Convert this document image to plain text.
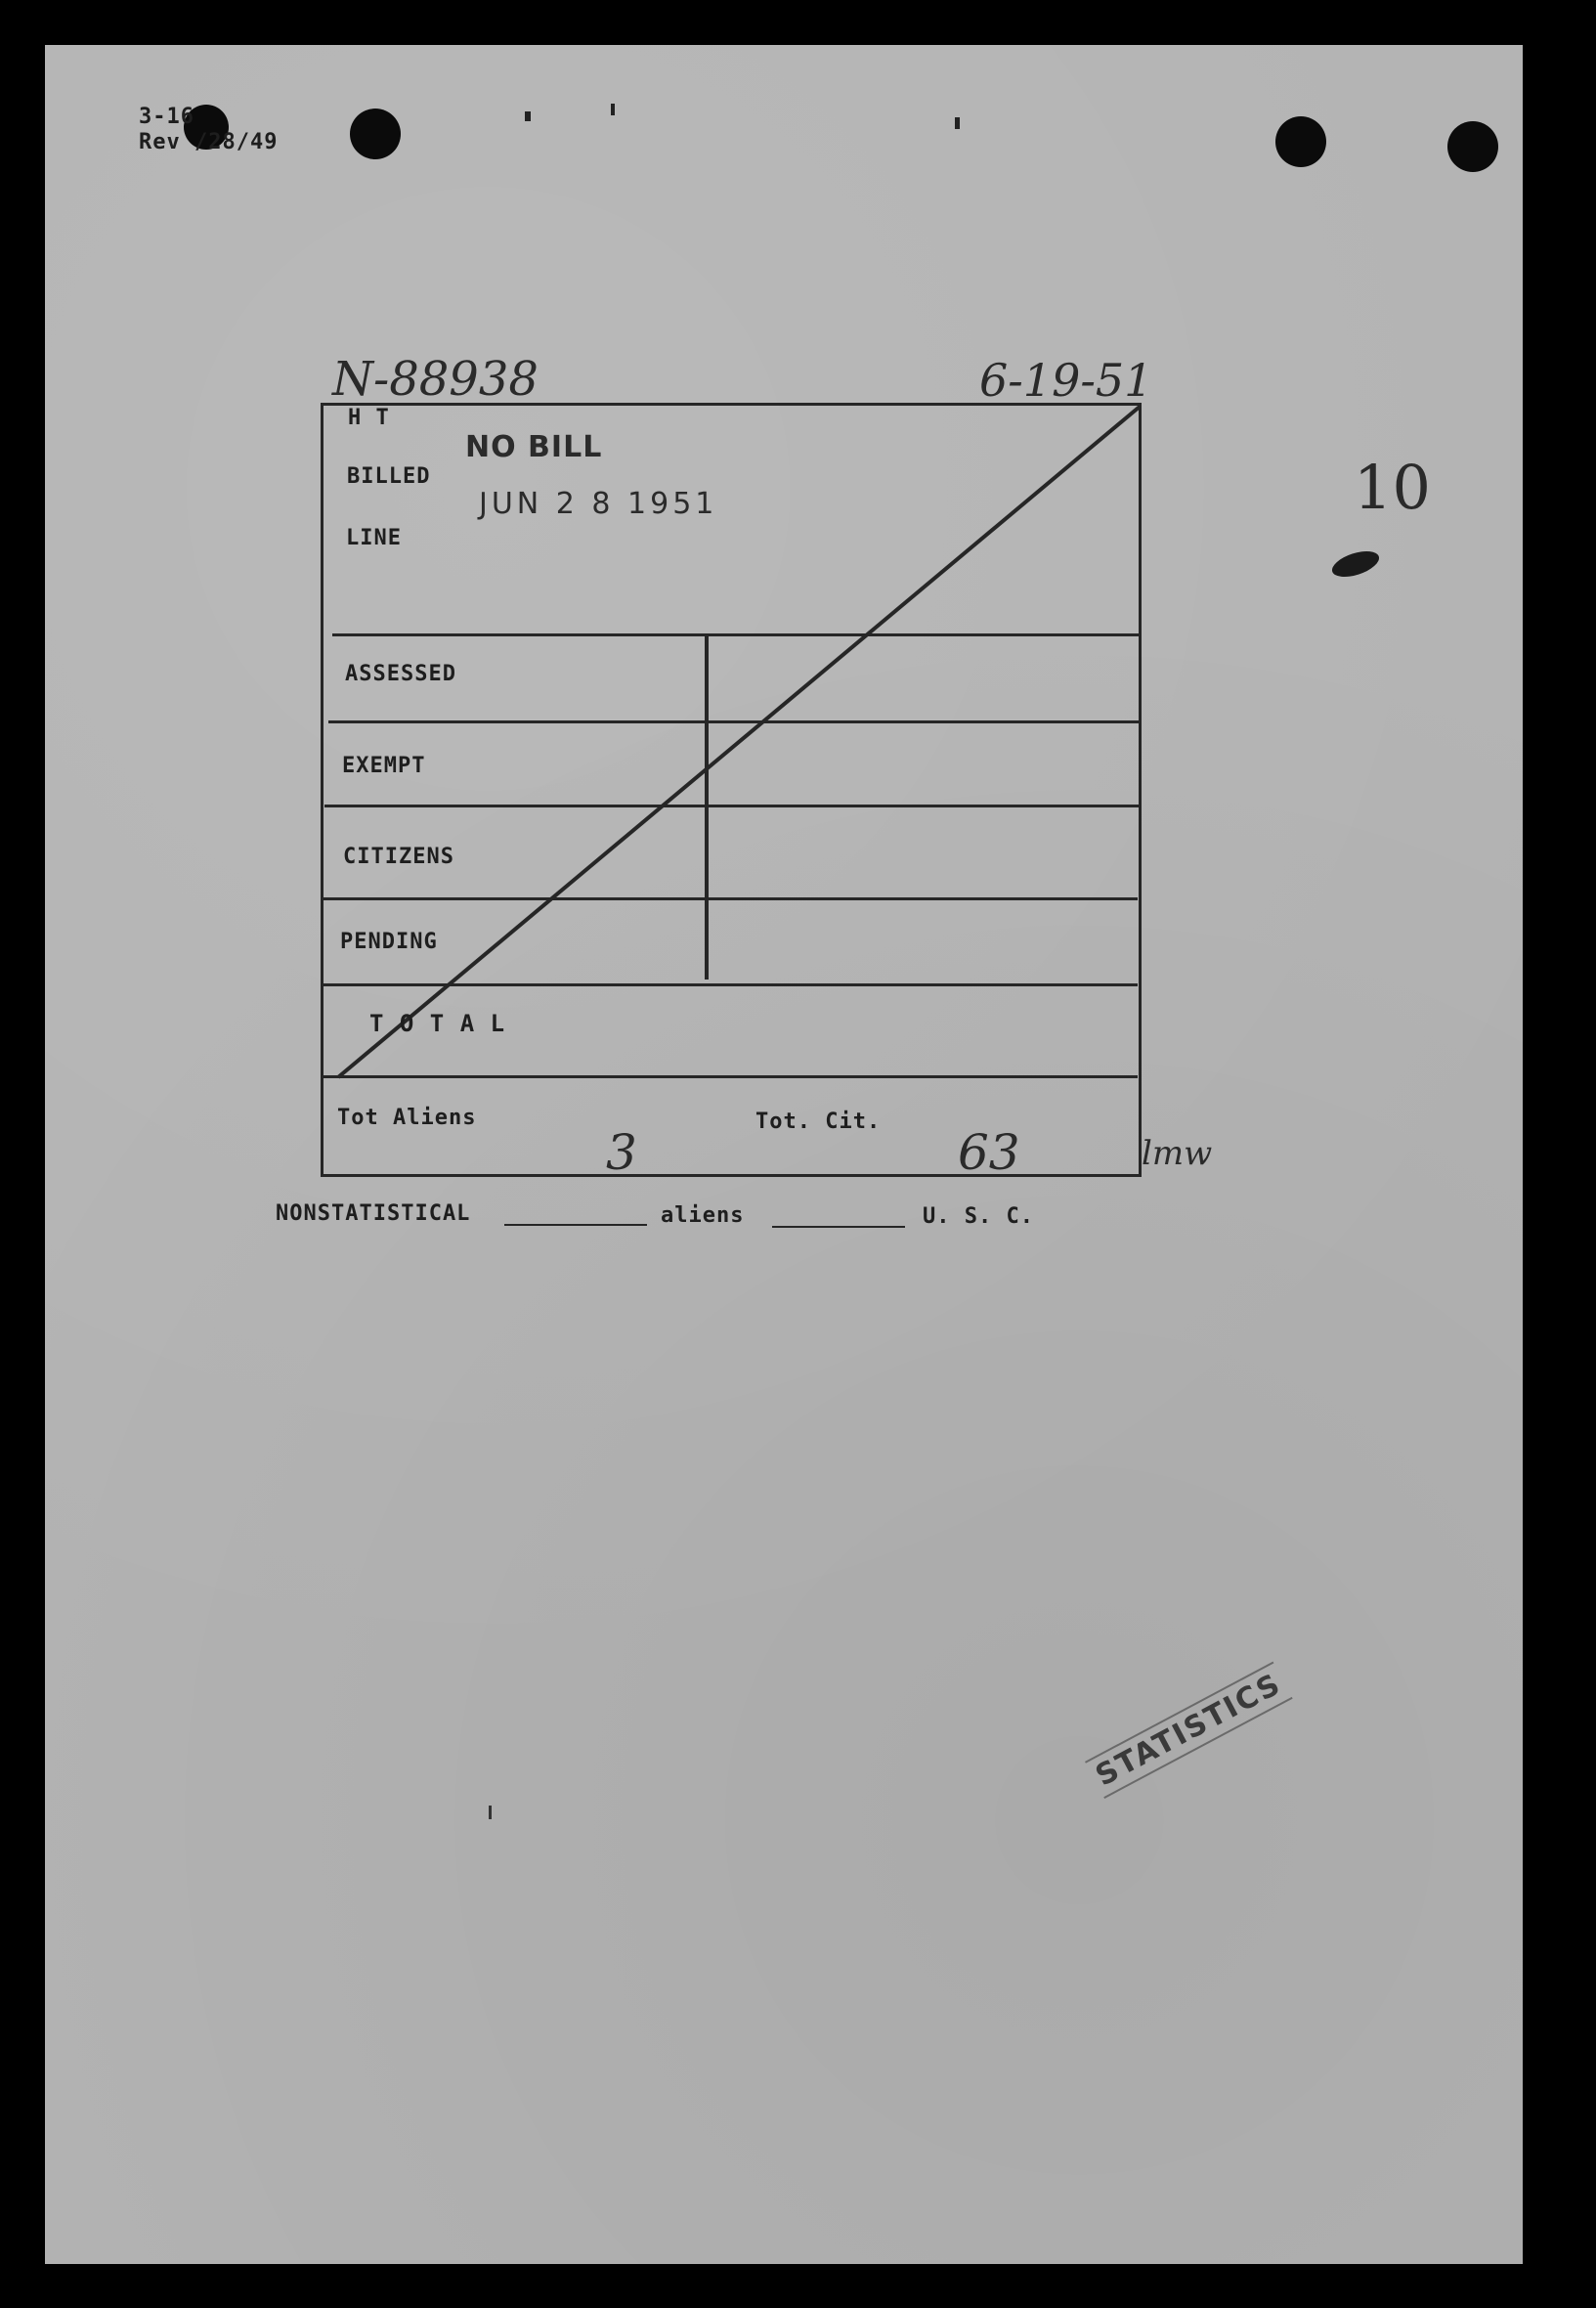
3-16
Rev /28/49
N-88938	6-19-51
10
H T
BILLED
LINE
ASSESSED
EXEMPT
CITIZENS
PENDING
T O T A L
Tot Aliens	Tot. Cit.
3	63	lmw
NO BILL
JUN 2 8 1951
NONSTATISTICAL	aliens	U. S. C.
STATISTICS
